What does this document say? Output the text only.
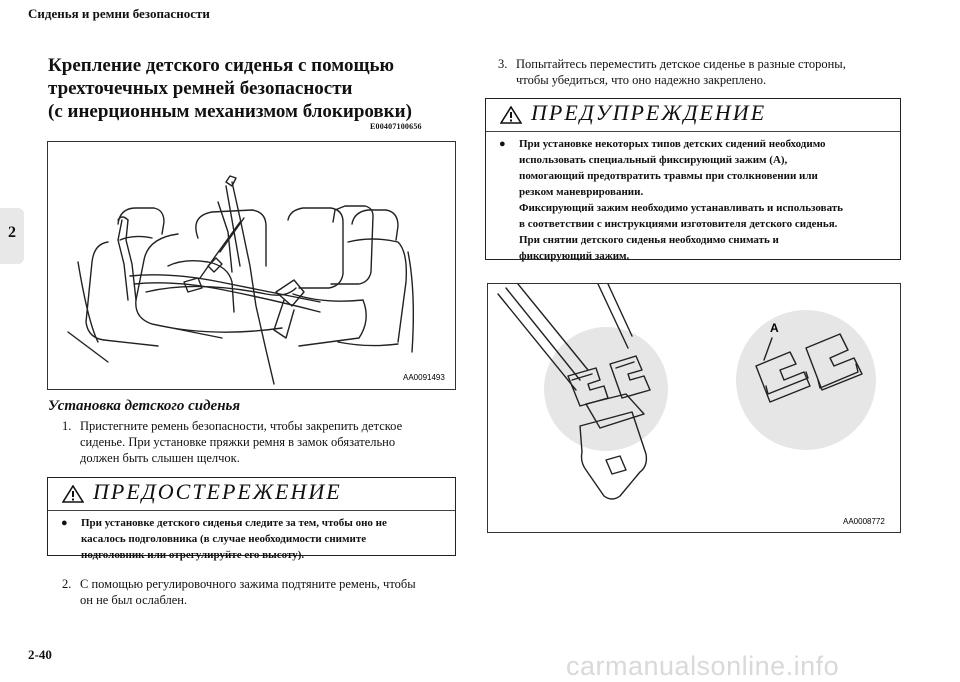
Сиденья и ремни безопасности
2
Крепление детского сиденья с помощью
трехточечных ремней безопасности
(с инерционным механизмом блокировки)
E00407100656
AA0091493
Установка детского сиденья
1. Пристегните ремень безопасности, чтобы закрепить детское
сиденье. При установке пряжки ремня в замок обязательно
должен быть слышен щелчок.
ПРЕДОСТЕРЕЖЕНИЕ
● При установке детского сиденья следите за тем, чтобы оно не
касалось подголовника (в случае необходимости снимите
подголовник или отрегулируйте его высоту).
2. С помощью регулировочного зажима подтяните ремень, чтобы
он не был ослаблен.
3. Попытайтесь переместить детское сиденье в разные стороны,
чтобы убедиться, что оно надежно закреплено.
ПРЕДУПРЕЖДЕНИЕ
● При установке некоторых типов детских сидений необходимо
использовать специальный фиксирующий зажим (A),
помогающий предотвратить травмы при столкновении или
резком маневрировании.
Фиксирующий зажим необходимо устанавливать и использовать
в соответствии с инструкциями изготовителя детского сиденья.
При снятии детского сиденья необходимо снимать и
фиксирующий зажим.
A
AA0008772
2-40	carmanualsonline.info
